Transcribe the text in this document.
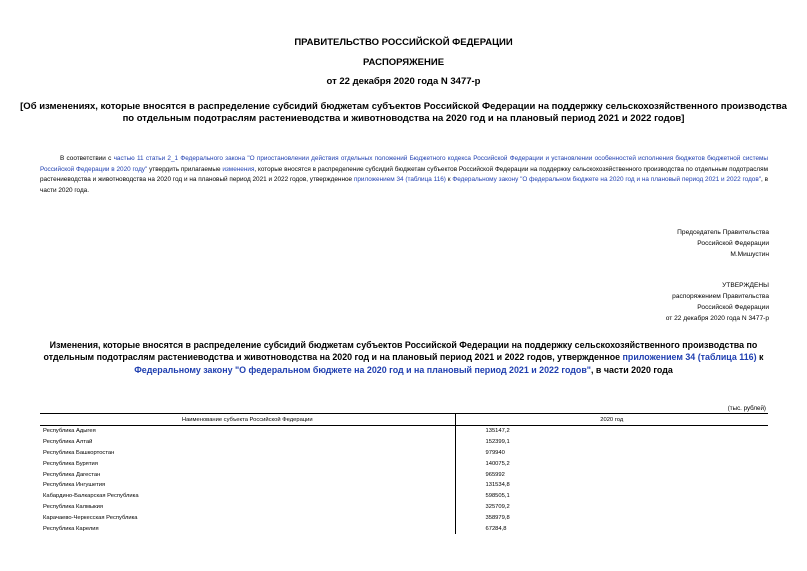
ПРАВИТЕЛЬСТВО РОССИЙСКОЙ ФЕДЕРАЦИИ
РАСПОРЯЖЕНИЕ
от 22 декабря 2020 года N 3477-р
[Об изменениях, которые вносятся в распределение субсидий бюджетам субъектов Российской Федерации на поддержку сельскохозяйственного производства
по отдельным подотраслям растениеводства и животноводства на 2020 год и на плановый период 2021 и 2022 годов]
В соответствии с частью 11 статьи 2_1 Федерального закона "О приостановлении действия отдельных положений Бюджетного кодекса Российской Федерации и установлении особенностей исполнения бюджетов бюджетной системы Российской Федерации в 2020 году" утвердить прилагаемые изменения, которые вносятся в распределение субсидий бюджетам субъектов Российской Федерации на поддержку сельскохозяйственного производства по отдельным подотраслям растениеводства и животноводства на 2020 год и на плановый период 2021 и 2022 годов, утвержденное приложением 34 (таблица 116) к Федеральному закону "О федеральном бюджете на 2020 год и на плановый период 2021 и 2022 годов", в части 2020 года.
Председатель Правительства
Российской Федерации
М.Мишустин
УТВЕРЖДЕНЫ
распоряжением Правительства
Российской Федерации
от 22 декабря 2020 года N 3477-р
Изменения, которые вносятся в распределение субсидий бюджетам субъектов Российской Федерации на поддержку сельскохозяйственного производства по отдельным подотраслям растениеводства и животноводства на 2020 год и на плановый период 2021 и 2022 годов, утвержденное приложением 34 (таблица 116) к Федеральному закону "О федеральном бюджете на 2020 год и на плановый период 2021 и 2022 годов", в части 2020 года
(тыс. рублей)
Наименование субъекта Российской Федерации	2020 год
Республика Адыгея	135147,2
Республика Алтай	152399,1
Республика Башкортостан	979940
Республика Бурятия	140075,2
Республика Дагестан	965992
Республика Ингушетия	131534,8
Кабардино-Балкарская Республика	598505,1
Республика Калмыкия	325709,2
Карачаево-Черкесская Республика	358979,8
Республика Карелия	67284,8
